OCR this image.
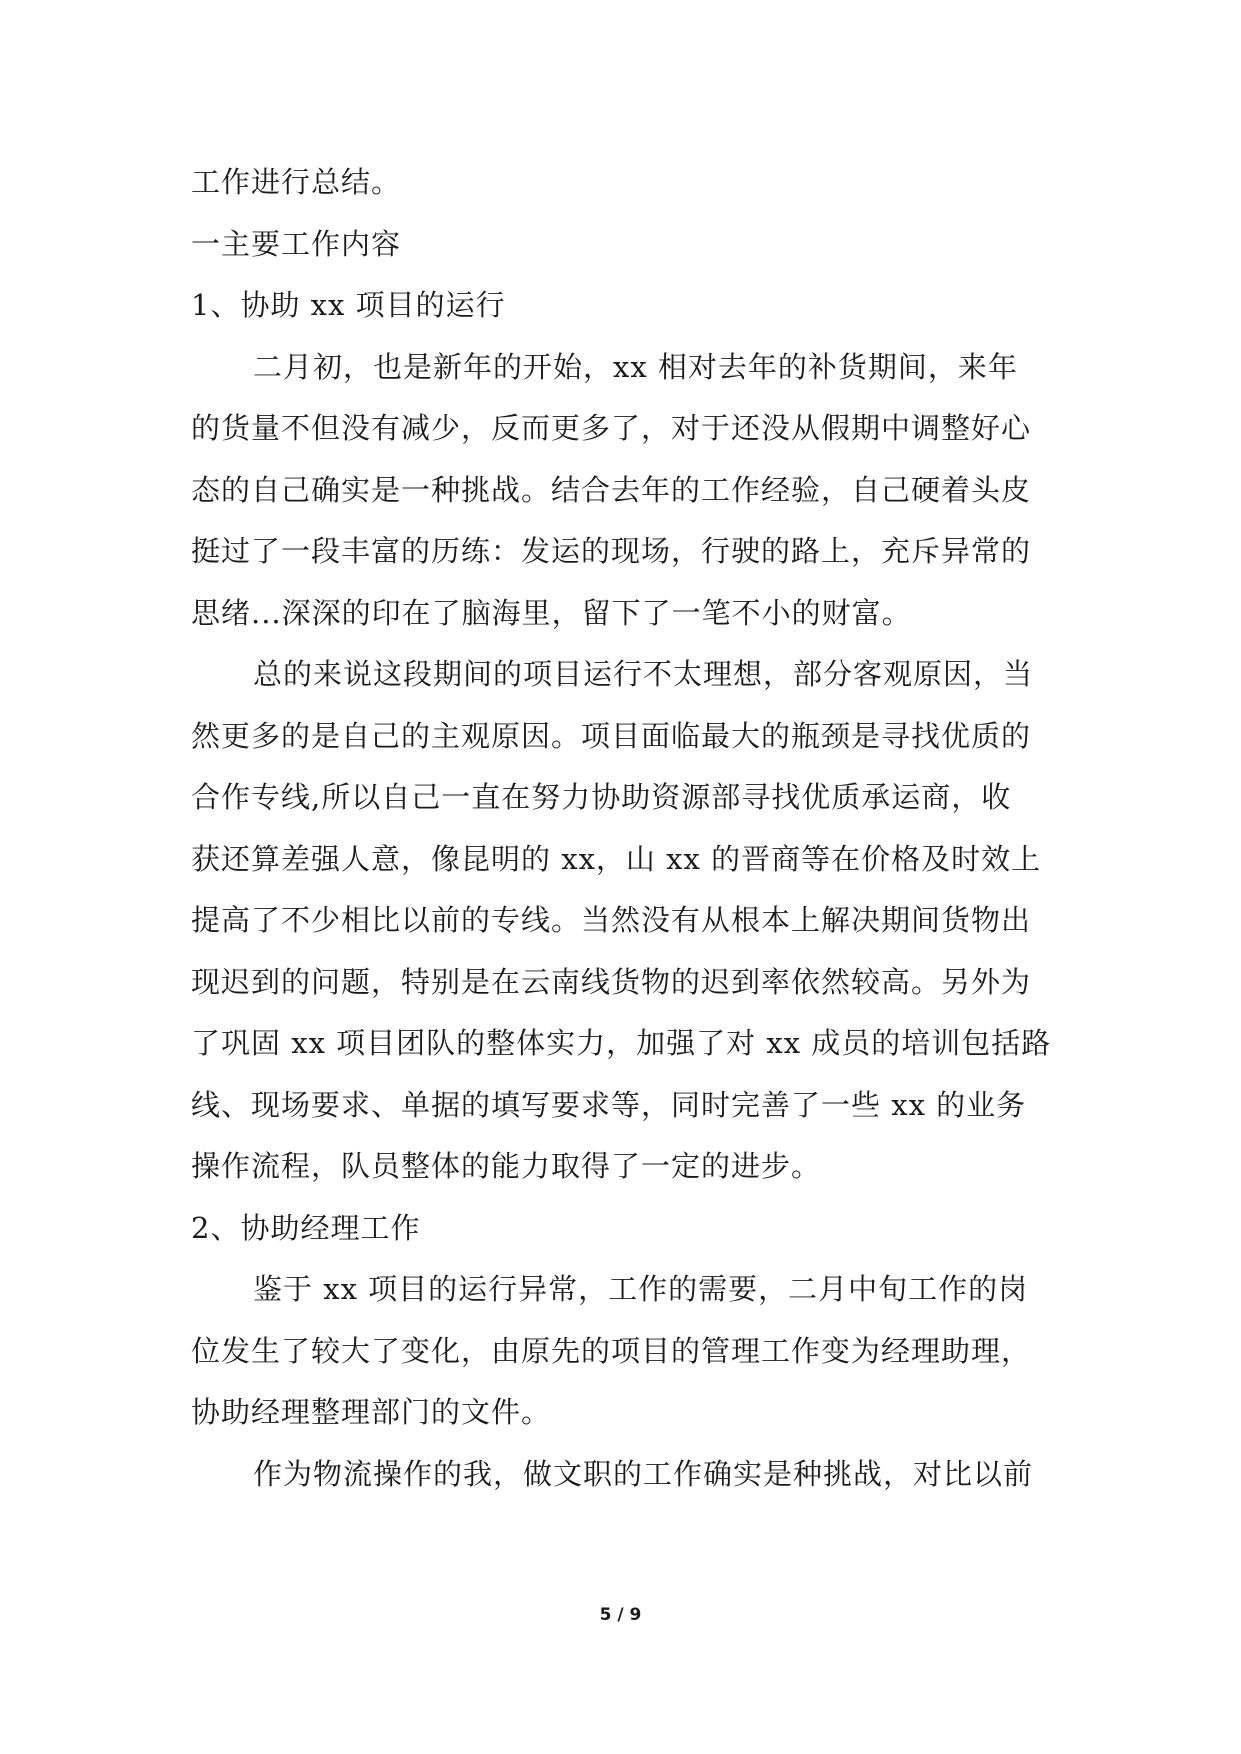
工作进行总结。
一主要工作内容
1、协助 xx 项目的运行
二月初，也是新年的开始，xx 相对去年的补货期间，来年
的货量不但没有减少，反而更多了，对于还没从假期中调整好心
态的自己确实是一种挑战。结合去年的工作经验，自己硬着头皮
挺过了一段丰富的历练：发运的现场，行驶的路上，充斥异常的
思绪...深深的印在了脑海里，留下了一笔不小的财富。
总的来说这段期间的项目运行不太理想，部分客观原因，当
然更多的是自己的主观原因。项目面临最大的瓶颈是寻找优质的
合作专线,所以自己一直在努力协助资源部寻找优质承运商，收
获还算差强人意，像昆明的 xx，山 xx 的晋商等在价格及时效上
提高了不少相比以前的专线。当然没有从根本上解决期间货物出
现迟到的问题，特别是在云南线货物的迟到率依然较高。另外为
了巩固 xx 项目团队的整体实力，加强了对 xx 成员的培训包括路
线、现场要求、单据的填写要求等，同时完善了一些 xx 的业务
操作流程，队员整体的能力取得了一定的进步。
2、协助经理工作
鉴于 xx 项目的运行异常，工作的需要，二月中旬工作的岗
位发生了较大了变化，由原先的项目的管理工作变为经理助理，
协助经理整理部门的文件。
作为物流操作的我，做文职的工作确实是种挑战，对比以前
5 / 9
